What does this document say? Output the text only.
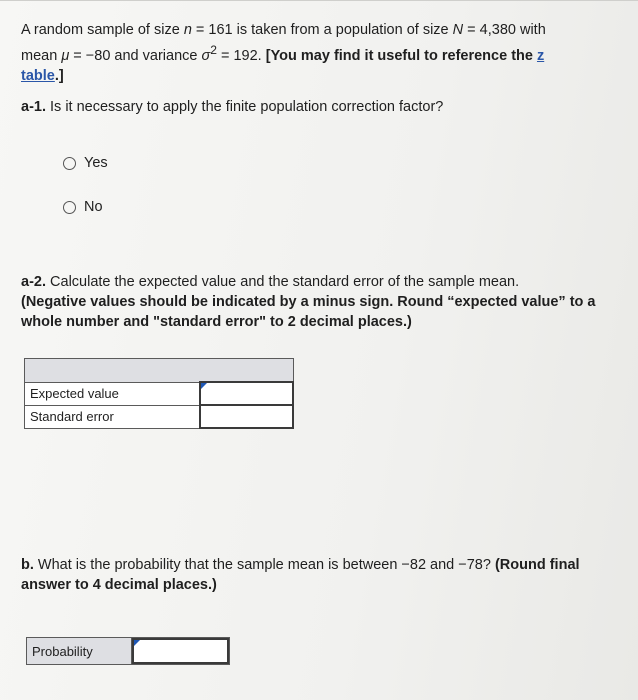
A random sample of size n = 161 is taken from a population of size N = 4,380 with mean μ = −80 and variance $\sigma^2 = 192$. [You may find it useful to reference the z table.]
a-1. Is it necessary to apply the finite population correction factor?
Yes
No
a-2. Calculate the expected value and the standard error of the sample mean.
(Negative values should be indicated by a minus sign. Round “expected value” to a whole number and "standard error" to 2 decimal places.)

Expected value	

Standard error	
b. What is the probability that the sample mean is between −82 and −78? (Round final answer to 4 decimal places.)
Probability
